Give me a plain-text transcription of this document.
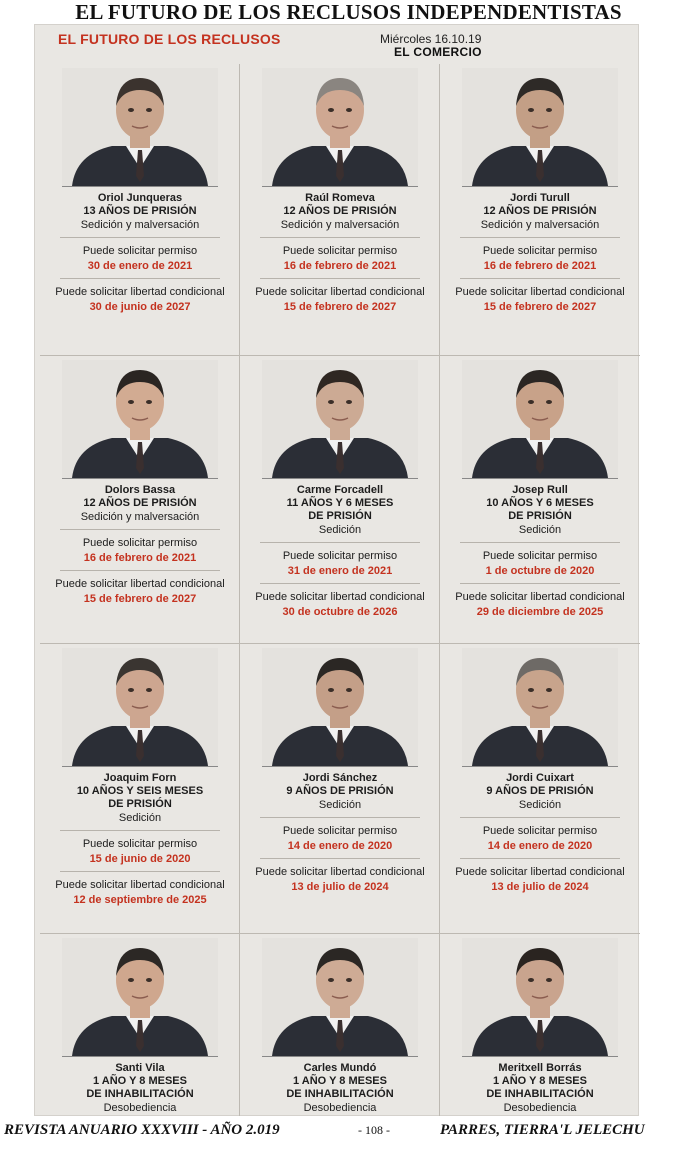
EL FUTURO DE LOS RECLUSOS INDEPENDENTISTAS
EL FUTURO DE LOS RECLUSOS	Miércoles 16.10.19
EL COMERCIO
Oriol Junqueras
13 AÑOS DE PRISIÓN
Sedición y malversación
Puede solicitar permiso
30 de enero de 2021
Puede solicitar libertad condicional
30 de junio de 2027
Raúl Romeva
12 AÑOS DE PRISIÓN
Sedición y malversación
Puede solicitar permiso
16 de febrero de 2021
Puede solicitar libertad condicional
15 de febrero de 2027
Jordi Turull
12 AÑOS DE PRISIÓN
Sedición y malversación
Puede solicitar permiso
16 de febrero de 2021
Puede solicitar libertad condicional
15 de febrero de 2027
Dolors Bassa
12 AÑOS DE PRISIÓN
Sedición y malversación
Puede solicitar permiso
16 de febrero de 2021
Puede solicitar libertad condicional
15 de febrero de 2027
Carme Forcadell
11 AÑOS Y 6 MESES
DE PRISIÓN
Sedición
Puede solicitar permiso
31 de enero de 2021
Puede solicitar libertad condicional
30 de octubre de 2026
Josep Rull
10 AÑOS Y 6 MESES
DE PRISIÓN
Sedición
Puede solicitar permiso
1 de octubre de 2020
Puede solicitar libertad condicional
29 de diciembre de 2025
Joaquim Forn
10 AÑOS Y SEIS MESES
DE PRISIÓN
Sedición
Puede solicitar permiso
15 de junio de 2020
Puede solicitar libertad condicional
12 de septiembre de 2025
Jordi Sánchez
9 AÑOS DE PRISIÓN
Sedición
Puede solicitar permiso
14 de enero de 2020
Puede solicitar libertad condicional
13 de julio de 2024
Jordi Cuixart
9 AÑOS DE PRISIÓN
Sedición
Puede solicitar permiso
14 de enero de 2020
Puede solicitar libertad condicional
13 de julio de 2024
Santi Vila
1 AÑO Y 8 MESES
DE INHABILITACIÓN
Desobediencia
Carles Mundó
1 AÑO Y 8 MESES
DE INHABILITACIÓN
Desobediencia
Meritxell Borrás
1 AÑO Y 8 MESES
DE INHABILITACIÓN
Desobediencia
REVISTA ANUARIO XXXVIII - AÑO 2.019	- 108 -	PARRES, TIERRA'L JELECHU
